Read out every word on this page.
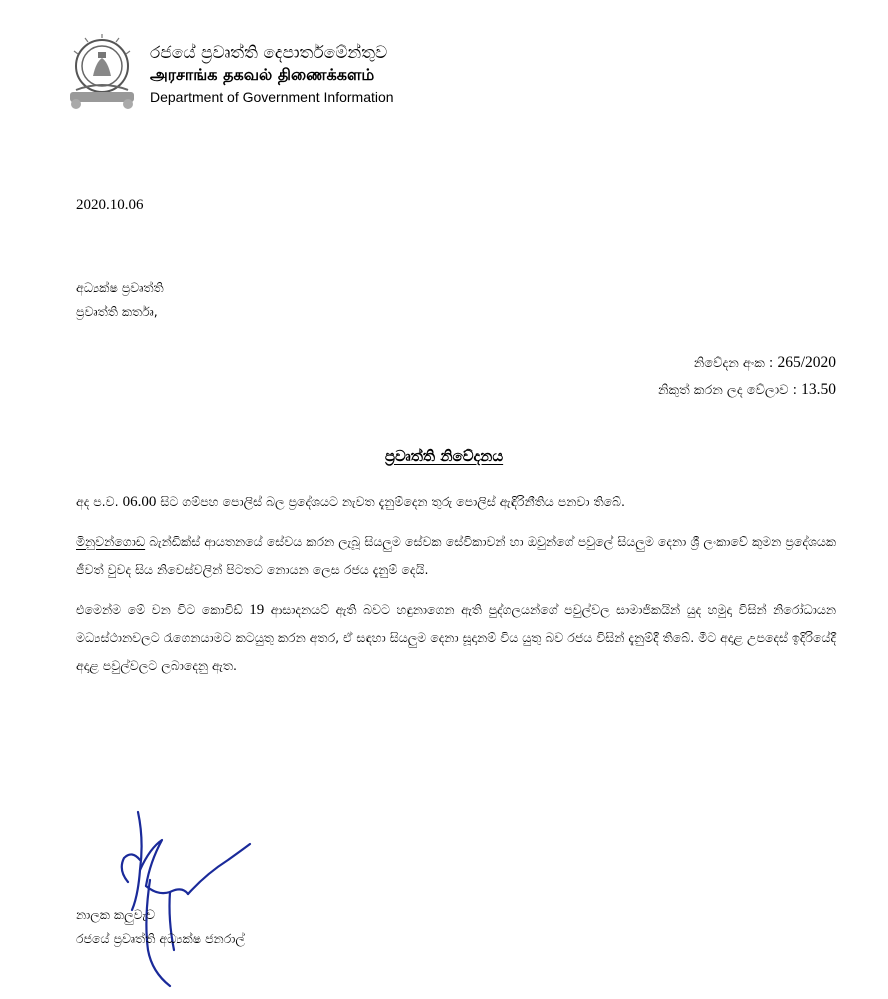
රජයේ ප්‍රවෘත්ති දෙපාර්තමේන්තුව
அரசாங்க தகவல் திணைக்களம்
Department of Government Information
2020.10.06
අධ්‍යක්ෂ ප්‍රවෘත්ති
ප්‍රවෘත්ති කර්තෘ,
නිවේදන අංක : 265/2020
නිකුත් කරන ලද වේලාව : 13.50
ප්‍රවෘත්ති නිවේදනය

අද ප.ව. 06.00 සිට ගම්පහ පොලිස් බල ප්‍රදේශයට නැවත දැනුම්දෙන තුරු පොලිස් ඇඳිරිනීතිය පනවා තිබේ.

මිනුවන්ගොඩ බැන්ඩික්ස් ආයතනයේ සේවය කරන ලැබූ සියලුම සේවක සේවිකාවන් හා ඔවුන්ගේ පවුලේ සියලුම දෙනා ශ්‍රී ලංකාවේ කුමන ප්‍රදේශයක ජීවත් වුවද සිය නිවෙස්වලින් පිටතට නොයන ලෙස රජය දැනුම් දෙයි.

එමෙන්ම මේ වන විට කොවිඩ් 19 ආසාදනයට් ඇති බවට හඳුනාගෙන ඇති පුද්ගලයන්ගේ පවුල්වල සාමාජිකයින් යුද හමුදා විසින් නිරෝධායන මධ්‍යස්ථානවලට රැගෙනයාමට කටයුතු කරන අතර, ඒ සඳහා සියලුම දෙනා සූදානම් විය යුතු බව රජය විසින් දැනුම්දී තිබේ. මීට අදාළ උපදෙස් ඉදිරියේදී අදාළ පවුල්වලට ලබාදෙනු ඇත.

නාලක කලුවැව
රජයේ ප්‍රවෘත්ති අධ්‍යක්ෂ ජනරාල්
